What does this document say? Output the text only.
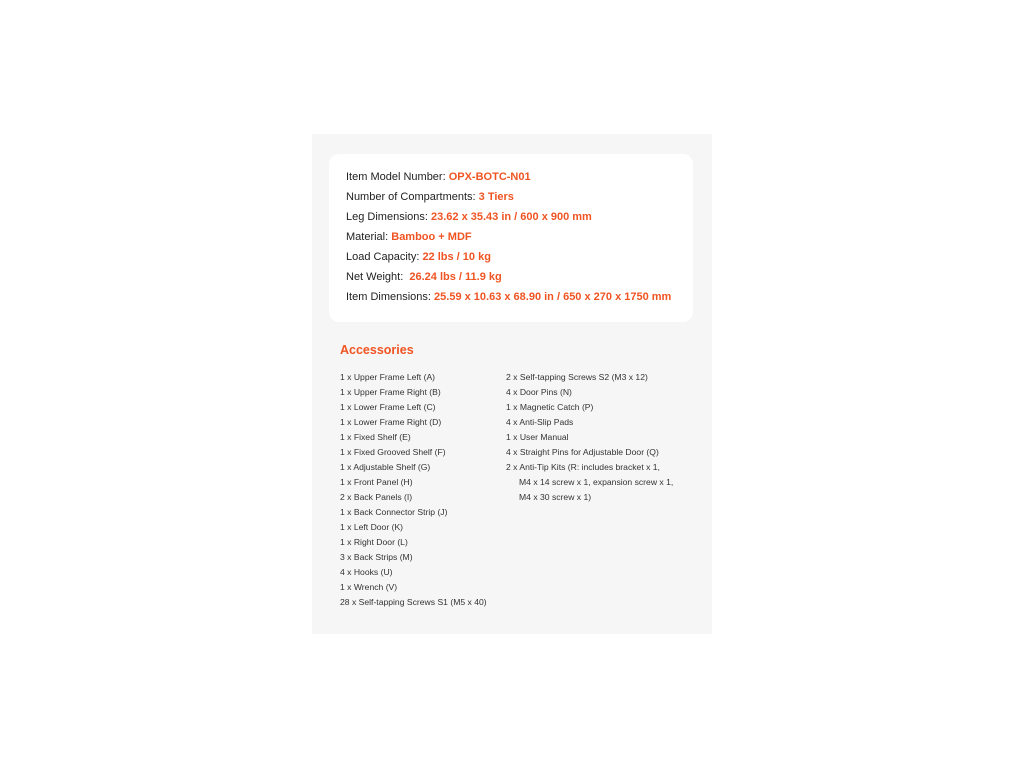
Item Model Number: OPX-BOTC-N01
Number of Compartments: 3 Tiers
Leg Dimensions: 23.62 x 35.43 in / 600 x 900 mm
Material: Bamboo + MDF
Load Capacity: 22 lbs / 10 kg
Net Weight:  26.24 lbs / 11.9 kg
Item Dimensions: 25.59 x 10.63 x 68.90 in / 650 x 270 x 1750 mm
Accessories
1 x Upper Frame Left (A)
1 x Upper Frame Right (B)
1 x Lower Frame Left (C)
1 x Lower Frame Right (D)
1 x Fixed Shelf (E)
1 x Fixed Grooved Shelf (F)
1 x Adjustable Shelf (G)
1 x Front Panel (H)
2 x Back Panels (I)
1 x Back Connector Strip (J)
1 x Left Door (K)
1 x Right Door (L)
3 x Back Strips (M)
4 x Hooks (U)
1 x Wrench (V)
28 x Self-tapping Screws S1 (M5 x 40)
2 x Self-tapping Screws S2 (M3 x 12)
4 x Door Pins (N)
1 x Magnetic Catch (P)
4 x Anti-Slip Pads
1 x User Manual
4 x Straight Pins for Adjustable Door (Q)
2 x Anti-Tip Kits (R: includes bracket x 1,
M4 x 14 screw x 1, expansion screw x 1,
M4 x 30 screw x 1)
